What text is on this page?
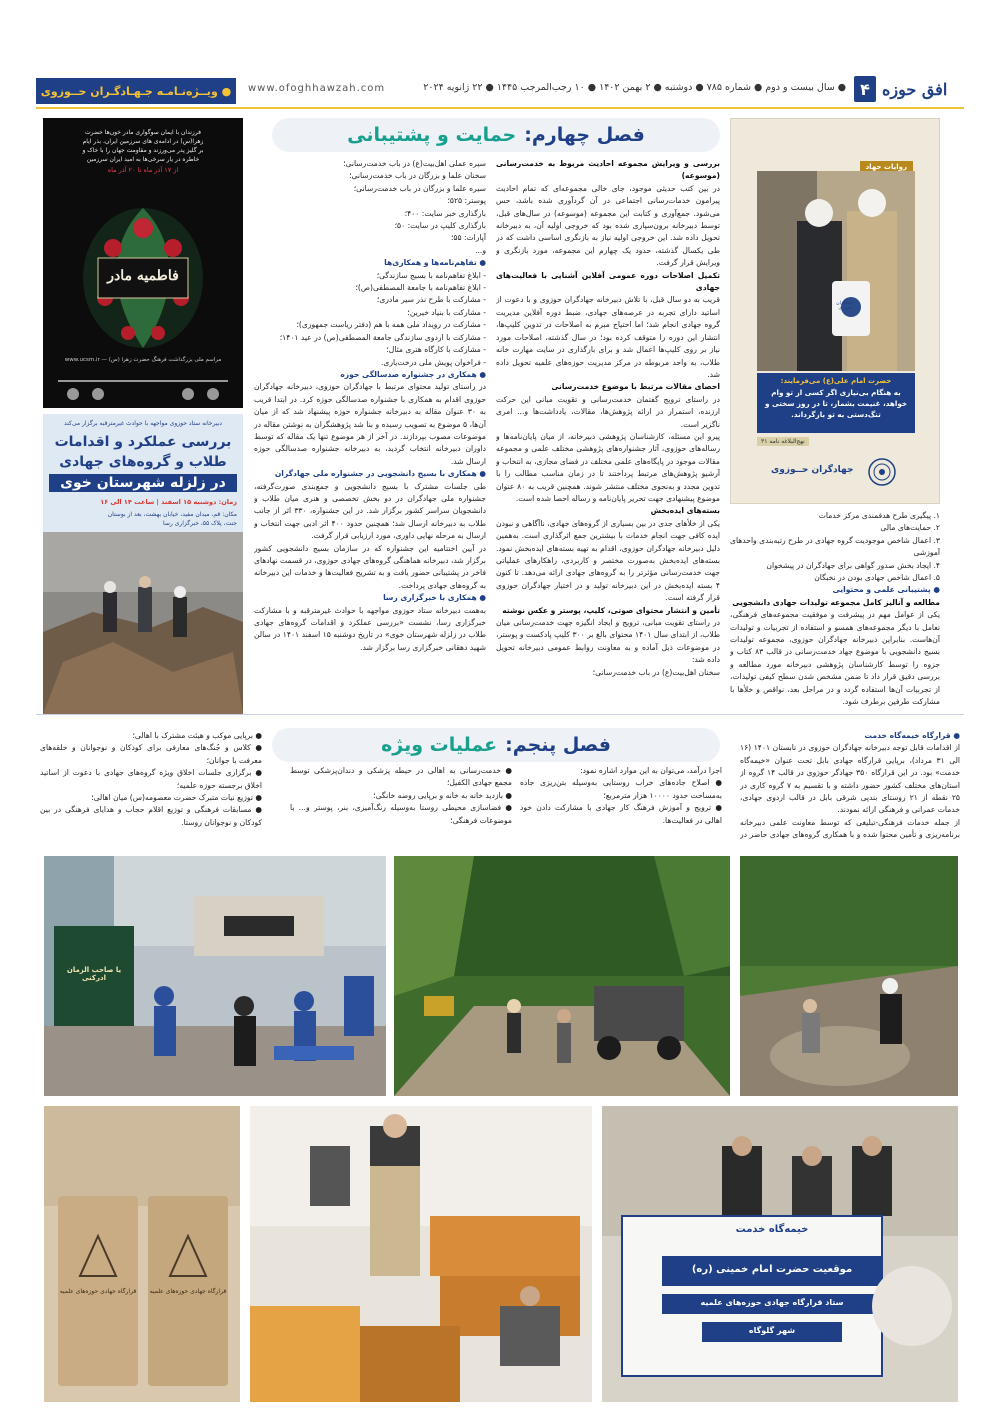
افق حوزه
۴
● سال بیست و دوم ● شماره ۷۸۵ ● دوشنبه ● ۲ بهمن ۱۴۰۲ ● ۱۰ رجب‌المرجب ۱۴۴۵ ● ۲۲ ژانویه ۲۰۲۴
www.ofoghhawzah.com
● ویــژه‌نـامـه جـهـادگـران حــوزوی
فرزندان با ایمان سوگواری مادر خون‌ها حضرت زهرا(س) در ادامه‌ی های سرزمین ایران، بذر ایام بر گلیز پدر می‌ورزند و مقاومت جهان را با خاک و خاطره در یار سرخی‌ها به امید ایران سرزمین
از ۱۷ آذر ماه تا ۲۰ آذر ماه
فاطمیه مادر
مراسم ملی بزرگداشت فرهنگ حضرت زهرا (س) — www.ucsm.ir
دبیرخانه ستاد حوزوی مواجهه با حوادث غیرمترقبه برگزار می‌کند
بررسی عملکرد و اقدامات
طلاب و گروه‌های جهادی
در زلزله شهرستان خوی
زمان: دوشنبه ۱۵ اسفند | ساعت ۱۴ الی ۱۶
مکان: قم، میدان مفید، خیابان بهشت، بعد از بوستان جنت، پلاک ۵۵، خبرگزاری رسا
فصل چهارم:
حمایت و پشتیبانی
روایات جهاد
جهادگران حوزوی
حضرت امام علی(ع) می‌فرمایند:
به هنگام بی‌نیازی اگر کسی از تو وام خواهد، غنیمت بشمار، تا در روز سختی و تنگ‌دستی به تو بازگرداند.
نهج‌البلاغه نامه ۳۱
جهادگران حــوزوی

بررسی و ویرایش مجموعه احادیث مربوط به خدمت‌رسانی (موسوعه)

در بین کتب حدیثی موجود، جای خالی مجموعه‌ای که تمام احادیث پیرامون خدمات‌رسانی اجتماعی در آن گردآوری شده باشد، حس می‌شود. جمع‌آوری و کتابت این مجموعه (موسوعه) در سال‌های قبل، توسط دبیرخانه برون‌سپاری شده بود که خروجی اولیه آن، به دبیرخانه تحویل داده شد. این خروجی اولیه نیاز به بازنگری اساسی داشت که در طی یکسال گذشته، حدود یک چهارم این مجموعه، مورد بازنگری و ویرایش قرار گرفت.

تکمیل اصلاحات دوره عمومی آفلاین آشنایی با فعالیت‌های جهادی

قریب به دو سال قبل، با تلاش دبیرخانه جهادگران حوزوی و با دعوت از اساتید دارای تجربه در عرصه‌های جهادی، ضبط دوره آفلاین مدیریت گروه جهادی انجام شد؛ اما احتیاج مبرم به اصلاحات در تدوین کلیپ‌ها، انتشار این دوره را متوقف کرده بود؛ در سال گذشته، اصلاحات مورد نیاز بر روی کلیپ‌ها اعمال شد و برای بارگذاری در سایت مهارت خانه طلاب، به واحد مربوطه در مرکز مدیریت حوزه‌های علمیه تحویل داده شد.

احصای مقالات مرتبط با موضوع خدمت‌رسانی

در راستای ترویج گفتمان خدمت‌رسانی و تقویت مبانی این حرکت ارزنده، استمرار در ارائه پژوهش‌ها، مقالات، یادداشت‌ها و... امری ناگزیر است.

پیرو این مسئله، کارشناسان پژوهشی دبیرخانه، از میان پایان‌نامه‌ها و رساله‌های حوزوی، آثار جشنواره‌های پژوهشی مختلف علمی و مجموعه مقالات موجود در پایگاه‌های علمی مختلف در فضای مجازی، به انتخاب و آرشیو پژوهش‌های مرتبط پرداختند تا در زمان مناسب مطالب را با تدوین مجدد و به‌نحوی مختلف منتشر شوند. همچنین قریب به ۸۰ عنوان موضوع پیشنهادی جهت تحریر پایان‌نامه و رساله احصا شده است.

بسته‌های ایده‌بخش

یکی از خلأهای جدی در بین بسیاری از گروه‌های جهادی، ناآگاهی و نبودن ایده کافی جهت انجام خدمات با بیشترین جمع اثرگذاری است. به‌همین دلیل دبیرخانه جهادگران حوزوی، اقدام به تهیه بسته‌های ایده‌بخش نمود. بسته‌های ایده‌بخش به‌صورت مختصر و کاربردی، راهکارهای عملیاتی جهت خدمت‌رسانی مؤثرتر را به گروه‌های جهادی ارائه می‌دهد. تا کنون ۴ بسته ایده‌بخش در این دبیرخانه تولید و در اختیار جهادگران حوزوی قرار گرفته است.

تأمین و انتشار محتوای صوتی، کلیپ، پوستر و عکس نوشته

در راستای تقویت مبانی، ترویج و ایجاد انگیزه جهت خدمت‌رسانی میان طلاب، از ابتدای سال ۱۴۰۱ محتوای بالغ بر ۳۰۰ کلیپ پادکست و پوستر، در موضوعات ذیل آماده و به معاونت روابط عمومی دبیرخانه تحویل داده شد:

سخنان اهل‌بیت(ع) در باب خدمت‌رسانی؛

سیره عملی اهل‌بیت(ع) در باب خدمت‌رسانی؛

سخنان علما و بزرگان در باب خدمت‌رسانی؛

سیره علما و بزرگان در باب خدمت‌رسانی؛

پوستر: ۵۲۵؛

بارگذاری خبر سایت: ۴۰۰؛

بارگذاری کلیپ در سایت: ۵۰؛

آپارات: ۵۵؛

و...

● تفاهم‌نامه‌ها و همکاری‌ها

- ابلاغ تفاهم‌نامه با بسیج سازندگی؛

- ابلاغ تفاهم‌نامه با جامعة المصطفی(ص)؛

- مشارکت با طرح نذر سیر مادری؛

- مشارکت با بنیاد خیرین؛

- مشارکت در رویداد ملی همه با هم (دفتر ریاست جمهوری)؛

- مشارکت با اردوی سازندگی جامعة المصطفی(ص) در عید ۱۴۰۱؛

- مشارکت با کارگاه هنری مثال؛

- فراخوان پویش ملی درخت‌یاری.

● همکاری در جشنواره صدسالگی حوزه

در راستای تولید محتوای مرتبط با جهادگران حوزوی، دبیرخانه جهادگران حوزوی اقدام به همکاری با جشنواره صدسالگی حوزه کرد. در ابتدا قریب به ۳۰ عنوان مقاله به دبیرخانه جشنواره حوزه پیشنهاد شد که از میان آن‌ها، ۵ موضوع به تصویب رسیده و بنا شد پژوهشگران به نوشتن مقاله در موضوعات مصوب بپردازند. در آخر از هر موضوع تنها یک مقاله که توسط داوران دبیرخانه انتخاب گردید، به دبیرخانه جشنواره صدسالگی حوزه ارسال شد.

● همکاری با بسیج دانشجویی در جشنواره ملی جهادگران

طی جلسات مشترک با بسیج دانشجویی و جمع‌بندی صورت‌گرفته، جشنواره ملی جهادگران در دو بخش تخصصی و هنری میان طلاب و دانشجویان سراسر کشور برگزار شد. در این جشنواره، ۳۳۰ اثر از جانب طلاب به دبیرخانه ارسال شد؛ همچنین حدود ۴۰۰ اثر ادبی جهت انتخاب و ارسال به مرحله نهایی داوری، مورد ارزیابی قرار گرفت.

در آیین اختتامیه این جشنواره که در سازمان بسیج دانشجویی کشور برگزار شد، دبیرخانه هماهنگی گروه‌های جهادی حوزوی، در قسمت نهادهای فاخر در پشتیبانی حضور یافت و به تشریح فعالیت‌ها و خدمات این دبیرخانه به گروه‌های جهادی پرداخت.

● همکاری با خبرگزاری رسا

به‌همت دبیرخانه ستاد حوزوی مواجهه با حوادث غیرمترقبه و با مشارکت خبرگزاری رسا، نشست «بررسی عملکرد و اقدامات گروه‌های جهادی طلاب در زلزله شهرستان خوی» در تاریخ دوشنبه ۱۵ اسفند ۱۴۰۱ در سالن شهید دهقانی خبرگزاری رسا برگزار شد.

۱. پیگیری طرح هدفمندی مرکز خدمات

۲. حمایت‌های مالی

۳. اعمال شاخص موجودیت گروه جهادی در طرح رتبه‌بندی واحدهای آموزشی

۴. ایجاد بخش صدور گواهی برای جهادگران در پیشخوان

۵. اعمال شاخص جهادی بودن در نخبگان

● پشتیبانی علمی و محتوایی

مطالعه و آنالیز کامل مجموعه تولیدات جهادی دانشجویی

یکی از عوامل مهم در پیشرفت و موفقیت مجموعه‌های فرهنگی، تعامل با دیگر مجموعه‌های همسو و استفاده از تجربیات و تولیدات آن‌هاست. بنابراین دبیرخانه جهادگران حوزوی، مجموعه تولیدات بسیج دانشجویی با موضوع جهاد خدمت‌رسانی در قالب ۸۳ کتاب و جزوه را توسط کارشناسان پژوهشی دبیرخانه مورد مطالعه و بررسی دقیق قرار داد تا ضمن مشخص شدن سطح کیفی تولیدات، از تجربیات آن‌ها استفاده گردد و در مراحل بعد، نواقص و خلأها با مشارکت طرفین برطرف شود.

فصل پنجم:
عملیات ویژه	● قرارگاه خیمه‌گاه خدمت

از اقدامات قابل توجه دبیرخانه جهادگران حوزوی در تابستان ۱۴۰۱ (۱۶ الی ۳۱ مرداد)، برپایی قرارگاه جهادی بابل تحت عنوان «خیمه‌گاه خدمت» بود. در این قرارگاه ۳۵۰ جهادگر حوزوی در قالب ۱۴ گروه از استان‌های مختلف کشور حضور داشته و با تقسیم به ۷ گروه کاری در ۲۵ نقطه از ۲۱ روستای بندپی شرقی بابل در قالب اردوی جهادی، خدمات عمرانی و فرهنگی ارائه نمودند.

از جمله خدمات فرهنگی-تبلیغی که توسط معاونت علمی دبیرخانه برنامه‌ریزی و تأمین محتوا شده و با همکاری گروه‌های جهادی حاضر در

اجرا درآمد، می‌توان به این موارد اشاره نمود:

● اصلاح جاده‌های خراب روستایی به‌وسیله بتن‌ریزی جاده به‌مساحت حدود ۱۰۰۰۰ هزار مترمربع؛

● ترویج و آموزش فرهنگ کار جهادی با مشارکت دادن خود اهالی در فعالیت‌ها.

● خدمت‌رسانی به اهالی در حیطه پزشکی و دندان‌پزشکی توسط مجمع جهادی الکفیل؛

● بازدید خانه به خانه و برپایی روضه خانگی؛

● فضاسازی محیطی روستا به‌وسیله رنگ‌آمیزی، بنر، پوستر و... با موضوعات فرهنگی؛

● برپایی موکب و هیئت مشترک با اهالی؛

● کلاس و جُنگ‌های معارفی برای کودکان و نوجوانان و حلقه‌های معرفت با جوانان؛

● برگزاری جلسات اخلاق ویژه گروه‌های جهادی با دعوت از اساتید اخلاق برجسته حوزه علمیه؛

● توزیع نیات متبرک حضرت معصومه(س) میان اهالی؛

● مسابقات فرهنگی و توزیع اقلام حجاب و هدایای فرهنگی در بین کودکان و نوجوانان روستا.

یا صاحب الزمان ادرکنی
قرارگاه جهادی حوزه‌های علمیه قرارگاه جهادی حوزه‌های علمیه
خیمه‌گاه خدمت
موقعیت حضرت امام خمینی (ره)
ستاد قرارگاه جهادی حوزه‌های علمیه
شهر گلوگاه
